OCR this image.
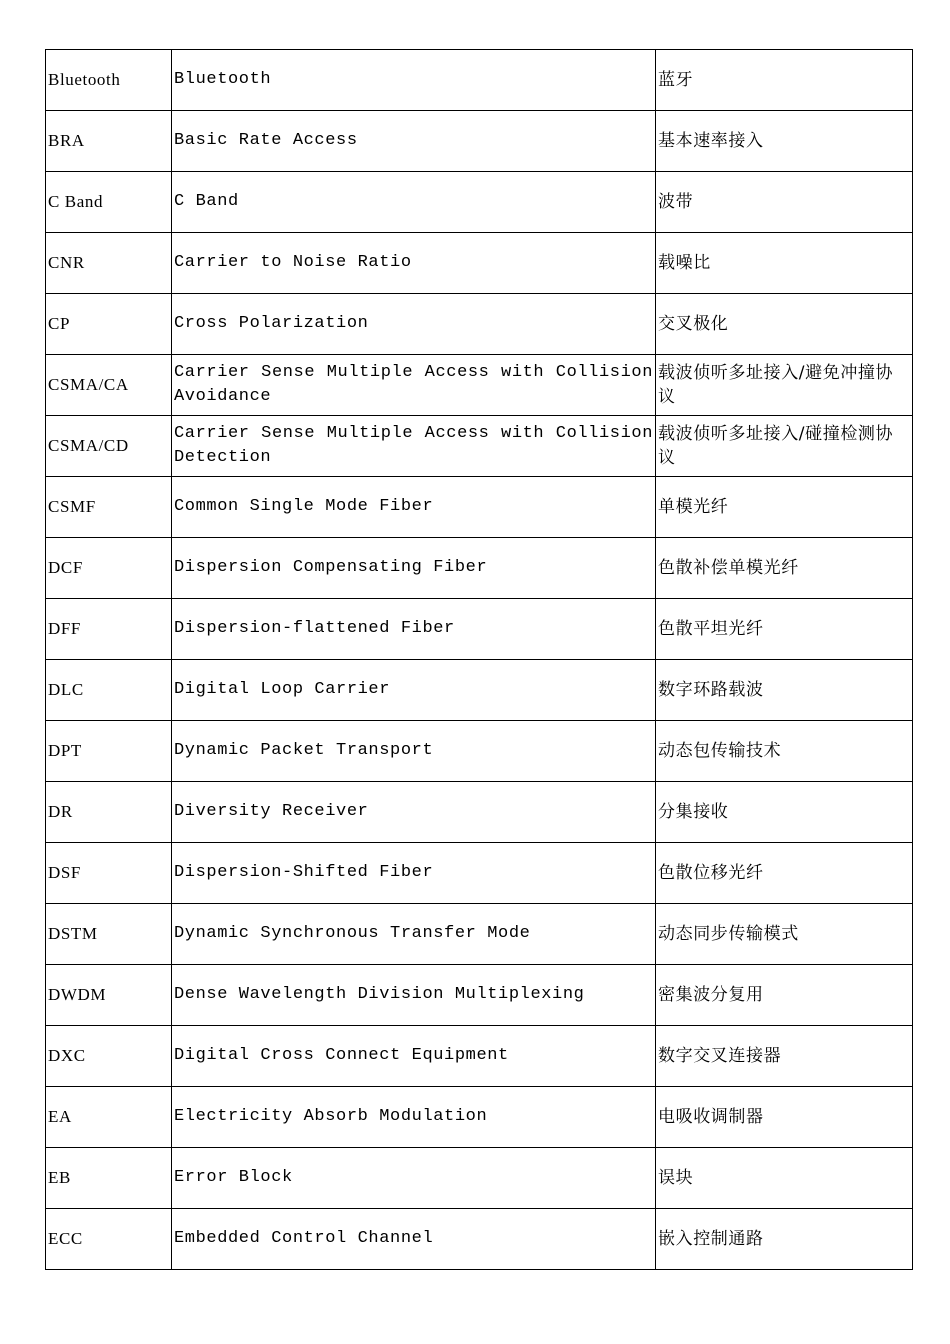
Bluetooth	Bluetooth	蓝牙
BRA	Basic Rate Access	基本速率接入
C Band	C Band	波带
CNR	Carrier to Noise Ratio	载噪比
CP	Cross Polarization	交叉极化
CSMA/CA	Carrier Sense Multiple Access with Collision Avoidance	载波侦听多址接入/避免冲撞协议
CSMA/CD	Carrier Sense Multiple Access with Collision Detection	载波侦听多址接入/碰撞检测协议
CSMF	Common Single Mode Fiber	单模光纤
DCF	Dispersion Compensating Fiber	色散补偿单模光纤
DFF	Dispersion-flattened Fiber	色散平坦光纤
DLC	Digital Loop Carrier	数字环路载波
DPT	Dynamic Packet Transport	动态包传输技术
DR	Diversity Receiver	分集接收
DSF	Dispersion-Shifted Fiber	色散位移光纤
DSTM	Dynamic Synchronous Transfer Mode	动态同步传输模式
DWDM	Dense Wavelength Division Multiplexing	密集波分复用
DXC	Digital Cross Connect Equipment	数字交叉连接器
EA	Electricity Absorb Modulation	电吸收调制器
EB	Error Block	误块
ECC	Embedded Control Channel	嵌入控制通路
